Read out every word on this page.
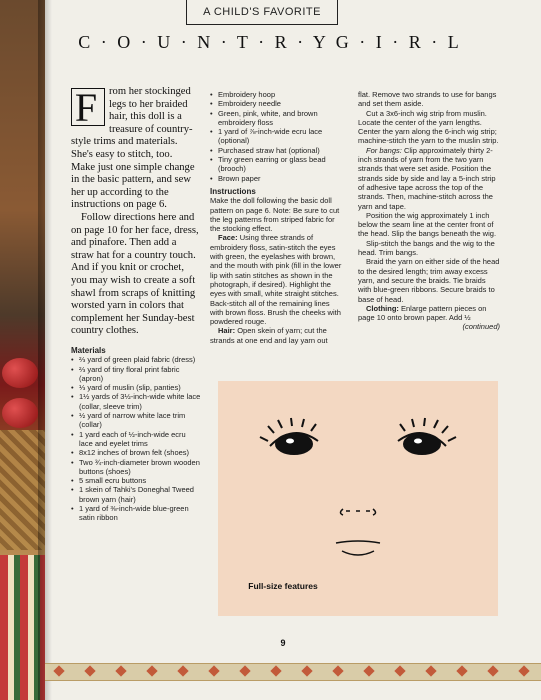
A CHILD'S FAVORITE
C · O · U · N · T · R · Y G · I · R · L

F	rom her stockinged legs to her braided hair, this doll is a treasure of country-style trims and materials. She's easy to stitch, too. Make just one simple change in the basic pattern, and sew her up according to the instructions on page 6.

Follow directions here and on page 10 for her face, dress, and pinafore. Then add a straw hat for a country touch. And if you knit or crochet, you may wish to create a soft shawl from scraps of knitting worsted yarn in colors that complement her Sunday-best country clothes.

Materials
• ⅔ yard of green plaid fabric (dress)
• ⅔ yard of tiny floral print fabric (apron)
• ⅓ yard of muslin (slip, panties)
• 1½ yards of 3½-inch-wide white lace (collar, sleeve trim)
• ½ yard of narrow white lace trim (collar)
• 1 yard each of ½-inch-wide ecru lace and eyelet trims
• 8x12 inches of brown felt (shoes)
• Two ¾-inch-diameter brown wooden buttons (shoes)
• 5 small ecru buttons
• 1 skein of Tahki's Doneghal Tweed brown yarn (hair)
• 1 yard of ⅜-inch-wide blue-green satin ribbon
• Embroidery hoop
• Embroidery needle
• Green, pink, white, and brown embroidery floss
• 1 yard of ⅞-inch-wide ecru lace (optional)
• Purchased straw hat (optional)
• Tiny green earring or glass bead (brooch)
• Brown paper
Instructions

Make the doll following the basic doll pattern on page 6. Note: Be sure to cut the leg patterns from striped fabric for the stocking effect.

Face: Using three strands of embroidery floss, satin-stitch the eyes with green, the eyelashes with brown, and the mouth with pink (fill in the lower lip with satin stitches as shown in the photograph, if desired). Highlight the eyes with small, white straight stitches. Back-stitch all of the remaining lines with brown floss. Brush the cheeks with powdered rouge.

Hair: Open skein of yarn; cut the strands at one end and lay yarn out

flat. Remove two strands to use for bangs and set them aside.

Cut a 3x6-inch wig strip from muslin. Locate the center of the yarn lengths. Center the yarn along the 6-inch wig strip; machine-stitch the yarn to the muslin strip.

For bangs: Clip approximately thirty 2-inch strands of yarn from the two yarn strands that were set aside. Position the strands side by side and lay a 5-inch strip of adhesive tape across the top of the strands. Then, machine-stitch across the yarn and tape.

Position the wig approximately 1 inch below the seam line at the center front of the head. Slip the bangs beneath the wig.

Slip-stitch the bangs and the wig to the head. Trim bangs.

Braid the yarn on either side of the head to the desired length; trim away excess yarn, and secure the braids. Tie braids with blue-green ribbons. Secure braids to base of head.

Clothing: Enlarge pattern pieces on page 10 onto brown paper. Add ½

(continued)

Full-size features
9
